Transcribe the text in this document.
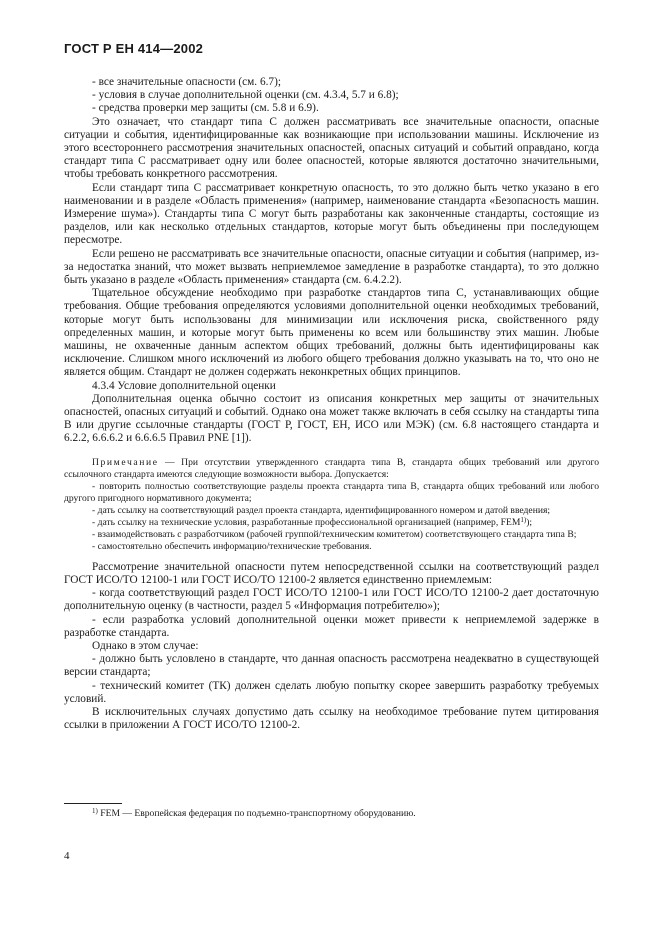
ГОСТ Р ЕН 414—2002

- все значительные опасности (см. 6.7);

- условия в случае дополнительной оценки (см. 4.3.4, 5.7 и 6.8);

- средства проверки мер защиты (см. 5.8 и 6.9).

Это означает, что стандарт типа С должен рассматривать все значительные опасности, опасные ситуации и события, идентифицированные как возникающие при использовании машины. Исключение из этого всестороннего рассмотрения значительных опасностей, опасных ситуаций и событий оправдано, когда стандарт типа С рассматривает одну или более опасностей, которые являются достаточно значительными, чтобы требовать конкретного рассмотрения.

Если стандарт типа С рассматривает конкретную опасность, то это должно быть четко указано в его наименовании и в разделе «Область применения» (например, наименование стандарта «Безопасность машин. Измерение шума»). Стандарты типа С могут быть разработаны как законченные стандарты, состоящие из разделов, или как несколько отдельных стандартов, которые могут быть объединены при последующем пересмотре.

Если решено не рассматривать все значительные опасности, опасные ситуации и события (например, из-за недостатка знаний, что может вызвать неприемлемое замедление в разработке стандарта), то это должно быть указано в разделе «Область применения» стандарта (см. 6.4.2.2).

Тщательное обсуждение необходимо при разработке стандартов типа С, устанавливающих общие требования. Общие требования определяются условиями дополнительной оценки необходимых требований, которые могут быть использованы для минимизации или исключения риска, свойственного ряду определенных машин, и которые могут быть применены ко всем или большинству этих машин. Любые машины, не охваченные данным аспектом общих требований, должны быть идентифицированы как исключение. Слишком много исключений из любого общего требования должно указывать на то, что оно не является общим. Стандарт не должен содержать неконкретных общих принципов.

4.3.4 Условие дополнительной оценки

Дополнительная оценка обычно состоит из описания конкретных мер защиты от значительных опасностей, опасных ситуаций и событий. Однако она может также включать в себя ссылку на стандарты типа В или другие ссылочные стандарты (ГОСТ Р, ГОСТ, ЕН, ИСО или МЭК) (см. 6.8 настоящего стандарта и 6.2.2, 6.6.6.2 и 6.6.6.5 Правил PNE [1]).

Примечание — При отсутствии утвержденного стандарта типа В, стандарта общих требований или другого ссылочного стандарта имеются следующие возможности выбора. Допускается:

- повторить полностью соответствующие разделы проекта стандарта типа В, стандарта общих требований или любого другого пригодного нормативного документа;

- дать ссылку на соответствующий раздел проекта стандарта, идентифицированного номером и датой введения;

- дать ссылку на технические условия, разработанные профессиональной организацией (например, FEM$^{1)}$);

- взаимодействовать с разработчиком (рабочей группой/техническим комитетом) соответствующего стандарта типа В;

- самостоятельно обеспечить информацию/технические требования.

Рассмотрение значительной опасности путем непосредственной ссылки на соответствующий раздел ГОСТ ИСО/ТО 12100-1 или ГОСТ ИСО/ТО 12100-2 является единственно приемлемым:

- когда соответствующий раздел ГОСТ ИСО/ТО 12100-1 или ГОСТ ИСО/ТО 12100-2 дает достаточную дополнительную оценку (в частности, раздел 5 «Информация потребителю»);

- если разработка условий дополнительной оценки может привести к неприемлемой задержке в разработке стандарта.

Однако в этом случае:

- должно быть условлено в стандарте, что данная опасность рассмотрена неадекватно в существующей версии стандарта;

- технический комитет (ТК) должен сделать любую попытку скорее завершить разработку требуемых условий.

В исключительных случаях допустимо дать ссылку на необходимое требование путем цитирования ссылки в приложении А ГОСТ ИСО/ТО 12100-2.

$^{1)}$ FEM — Европейская федерация по подъемно-транспортному оборудованию.
4
